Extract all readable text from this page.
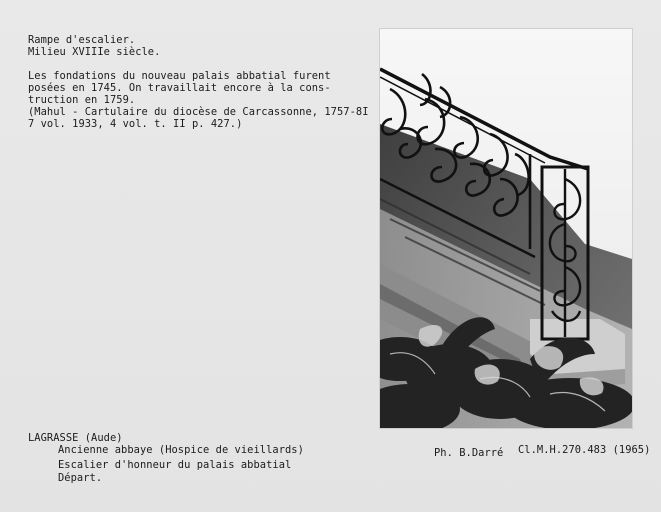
Rampe d'escalier.
Milieu XVIIIe siècle.
Les fondations du nouveau palais abbatial furent
posées en 1745. On travaillait encore à la cons-
truction en 1759.
(Mahul - Cartulaire du diocèse de Carcassonne, 1757-8I
7 vol. 1933, 4 vol. t. II p. 427.)
LAGRASSE (Aude)
Ancienne abbaye (Hospice de vieillards)
Escalier d'honneur du palais abbatial
Départ.
Ph. B.Darré Cl.M.H.270.483 (1965)
